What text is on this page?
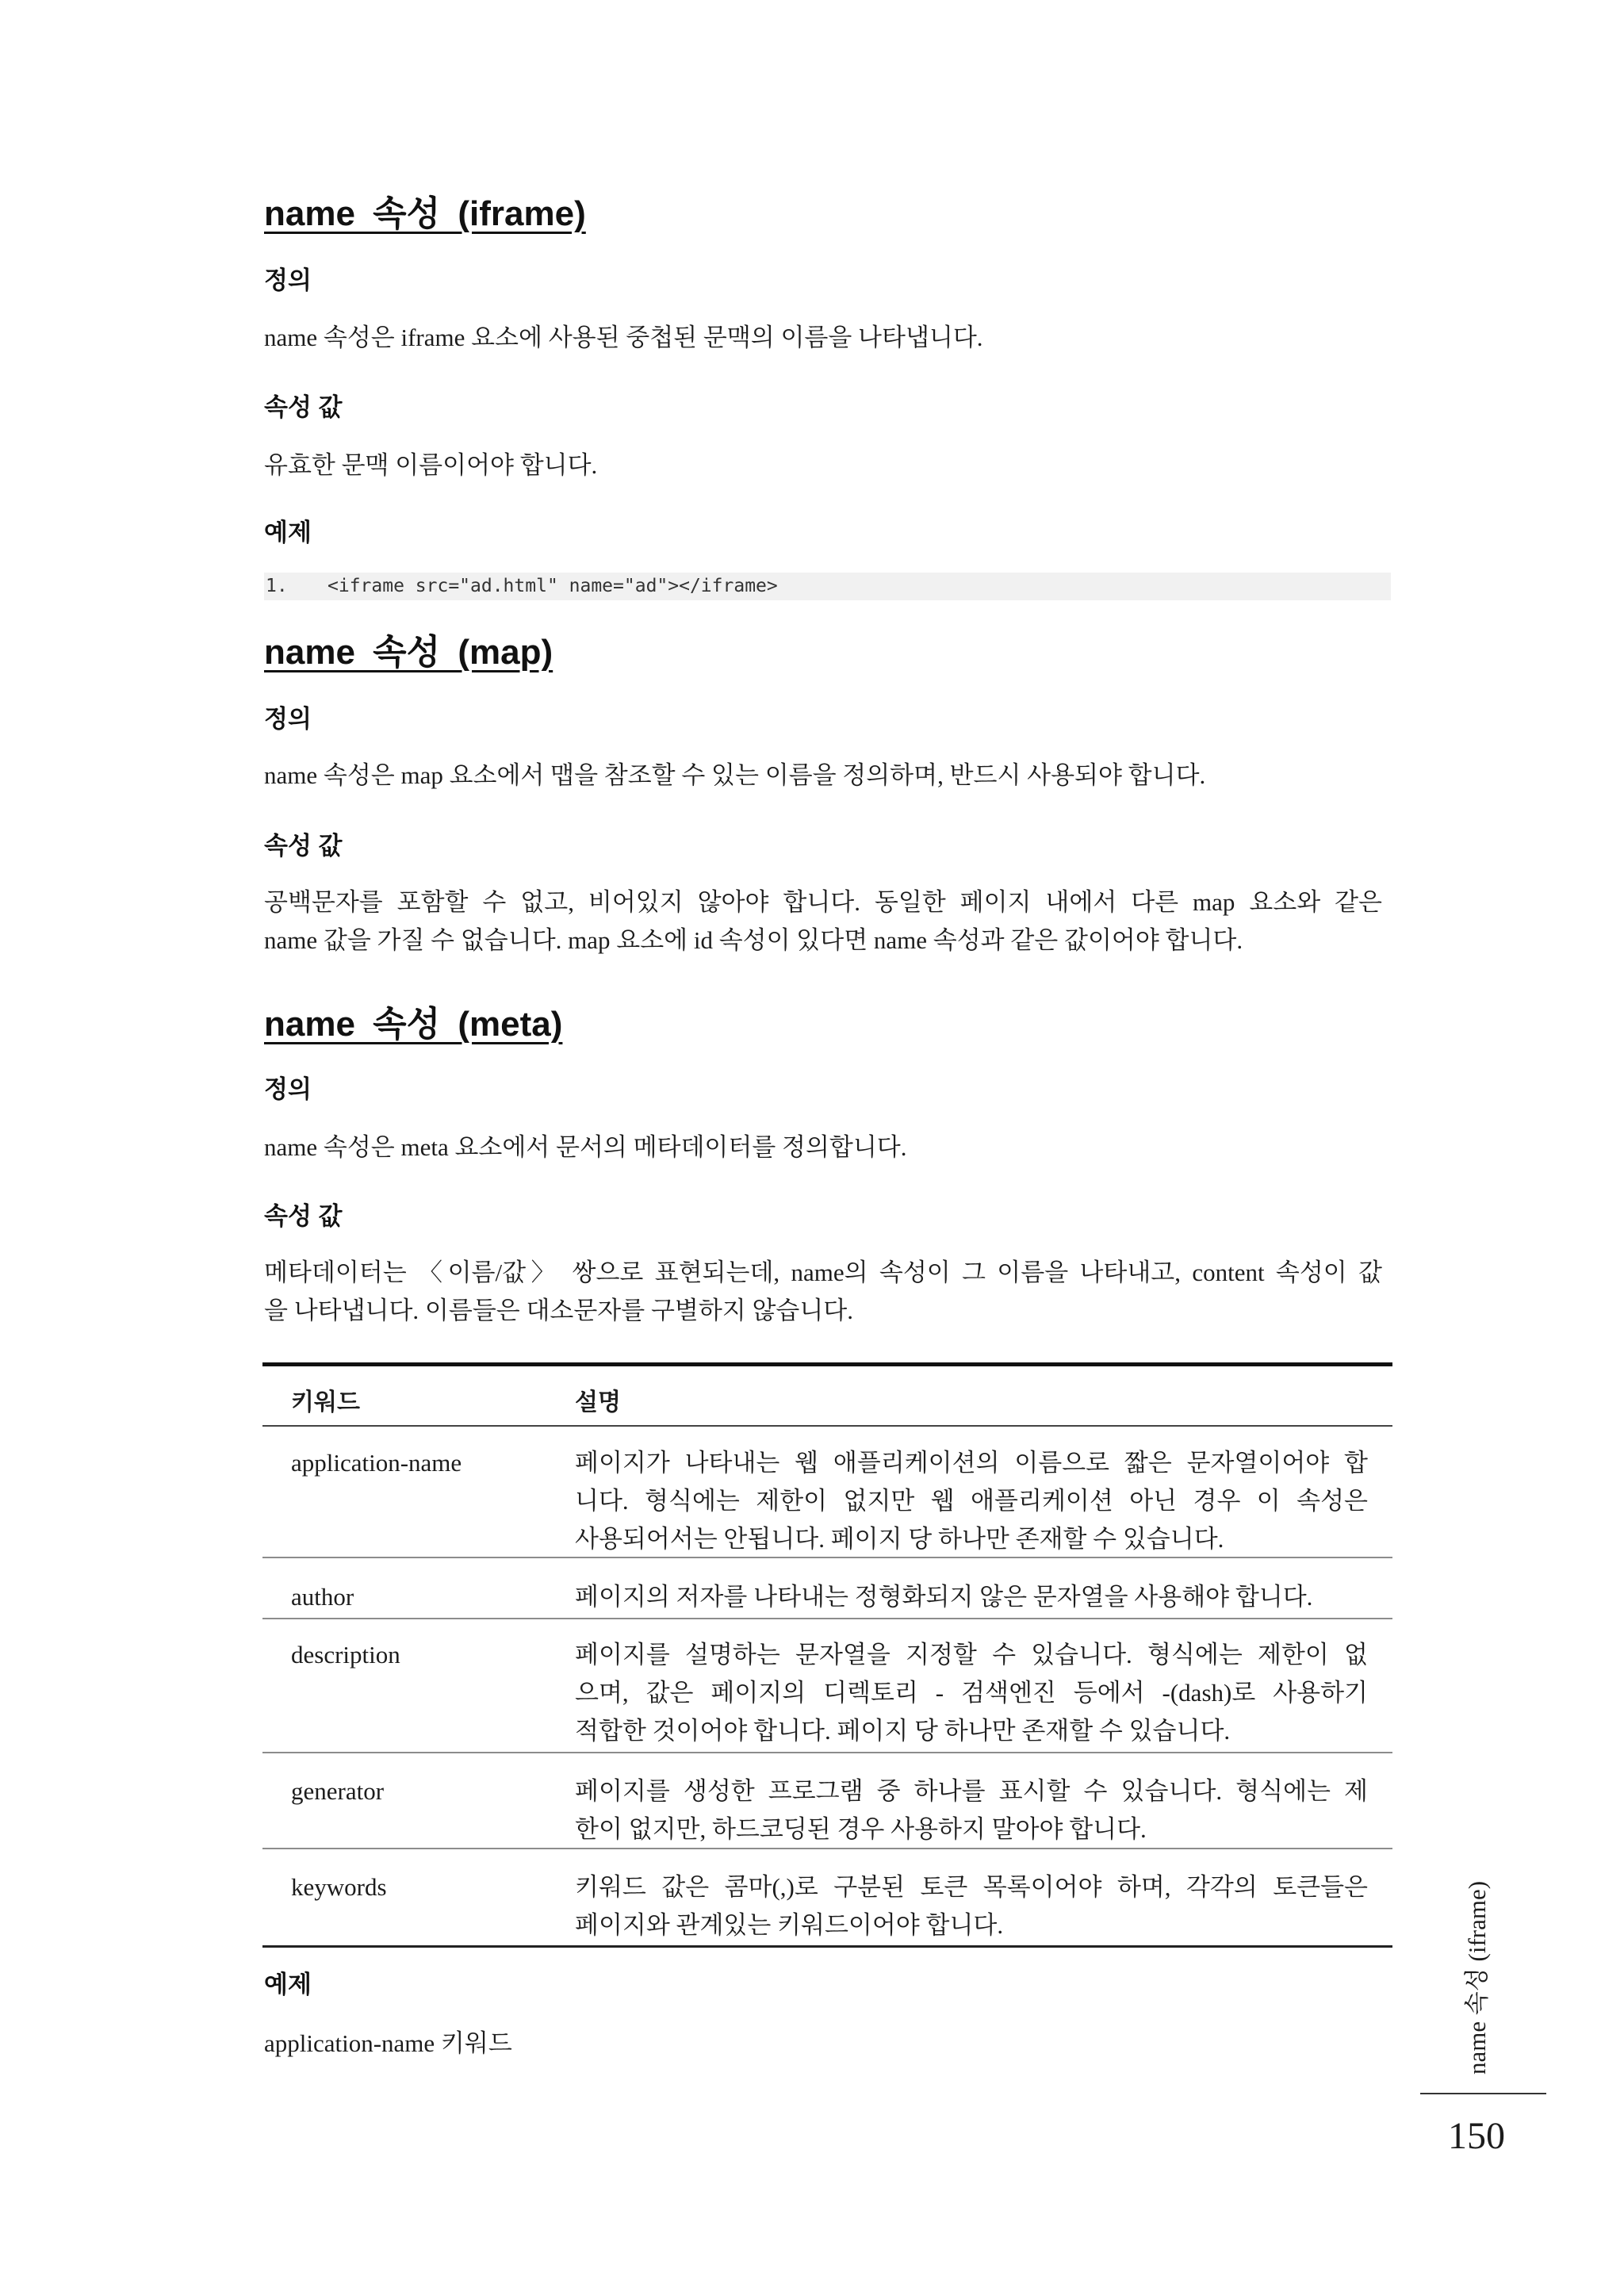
name 속성 (iframe)
정의
name 속성은 iframe 요소에 사용된 중첩된 문맥의 이름을 나타냅니다.
속성 값
유효한 문맥 이름이어야 합니다.
예제
1. <iframe src="ad.html" name="ad"></iframe>
name 속성 (map)
정의
name 속성은 map 요소에서 맵을 참조할 수 있는 이름을 정의하며, 반드시 사용되야 합니다.
속성 값
공백문자를 포함할 수 없고, 비어있지 않아야 합니다. 동일한 페이지 내에서 다른 map 요소와 같은
name 값을 가질 수 없습니다. map 요소에 id 속성이 있다면 name 속성과 같은 값이어야 합니다.
name 속성 (meta)
정의
name 속성은 meta 요소에서 문서의 메타데이터를 정의합니다.
속성 값
메타데이터는 〈이름/값〉 쌍으로 표현되는데, name의 속성이 그 이름을 나타내고, content 속성이 값
을 나타냅니다. 이름들은 대소문자를 구별하지 않습니다.
키워드	설명
application-name	페이지가 나타내는 웹 애플리케이션의 이름으로 짧은 문자열이어야 합
니다. 형식에는 제한이 없지만 웹 애플리케이션 아닌 경우 이 속성은
사용되어서는 안됩니다. 페이지 당 하나만 존재할 수 있습니다.
author	페이지의 저자를 나타내는 정형화되지 않은 문자열을 사용해야 합니다.
description	페이지를 설명하는 문자열을 지정할 수 있습니다. 형식에는 제한이 없
으며, 값은 페이지의 디렉토리 - 검색엔진 등에서 -(dash)로 사용하기
적합한 것이어야 합니다. 페이지 당 하나만 존재할 수 있습니다.
generator	페이지를 생성한 프로그램 중 하나를 표시할 수 있습니다. 형식에는 제
한이 없지만, 하드코딩된 경우 사용하지 말아야 합니다.
keywords	키워드 값은 콤마(,)로 구분된 토큰 목록이어야 하며, 각각의 토큰들은
페이지와 관계있는 키워드이어야 합니다.
예제
application-name 키워드	name 속성 (iframe)
150
